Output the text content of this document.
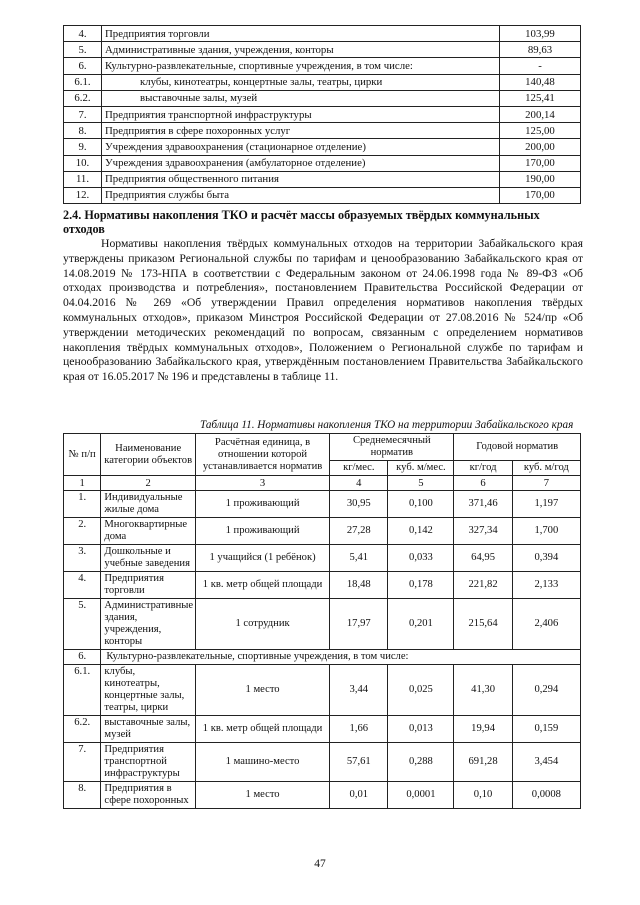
4.	Предприятия торговли	103,99
5.	Административные здания, учреждения, конторы	89,63
6.	Культурно-развлекательные, спортивные учреждения, в том числе:	-
6.1.	клубы, кинотеатры, концертные залы, театры, цирки	140,48
6.2.	выставочные залы, музей	125,41
7.	Предприятия транспортной инфраструктуры	200,14
8.	Предприятия в сфере похоронных услуг	125,00
9.	Учреждения здравоохранения (стационарное отделение)	200,00
10.	Учреждения здравоохранения (амбулаторное отделение)	170,00
11.	Предприятия общественного питания	190,00
12.	Предприятия службы быта	170,00
2.4. Нормативы накопления ТКО и расчёт массы образуемых твёрдых коммунальных отходов

Нормативы накопления твёрдых коммунальных отходов на территории Забайкальского края утверждены приказом Региональной службы по тарифам и ценообразованию Забайкальского края от 14.08.2019 № 173-НПА в соответствии с Федеральным законом от 24.06.1998 года № 89-ФЗ «Об отходах производства и потребления», постановлением Правительства Российской Федерации от 04.04.2016 № 269 «Об утверждении Правил определения нормативов накопления твёрдых коммунальных отходов», приказом Минстроя Российской Федерации от 27.08.2016 № 524/пр «Об утверждении методических рекомендаций по вопросам, связанным с определением нормативов накопления твёрдых коммунальных отходов», Положением о Региональной службе по тарифам и ценообразованию Забайкальского края, утверждённым постановлением Правительства Забайкальского края от 16.05.2017 № 196 и представлены в таблице 11.

Таблица 11. Нормативы накопления ТКО на территории Забайкальского края
№ п/п	Наименование категории объектов	Расчётная единица, в отношении которой устанавливается норматив	Среднемесячный норматив		Годовой норматив	
			кг/мес.	куб. м/мес.	кг/год	куб. м/год
1	2	3	4	5	6	7
1.	Индивидуальные жилые дома	1 проживающий	30,95	0,100	371,46	1,197
2.	Многоквартирные дома	1 проживающий	27,28	0,142	327,34	1,700
3.	Дошкольные и учебные заведения	1 учащийся (1 ребёнок)	5,41	0,033	64,95	0,394
4.	Предприятия торговли	1 кв. метр общей площади	18,48	0,178	221,82	2,133
5.	Административные здания, учреждения, конторы	1 сотрудник	17,97	0,201	215,64	2,406
6.	Культурно-развлекательные, спортивные учреждения, в том числе:					
6.1.	клубы, кинотеатры, концертные залы, театры, цирки	1 место	3,44	0,025	41,30	0,294
6.2.	выставочные залы, музей	1 кв. метр общей площади	1,66	0,013	19,94	0,159
7.	Предприятия транспортной инфраструктуры	1 машино-место	57,61	0,288	691,28	3,454
8.	Предприятия в сфере похоронных	1 место	0,01	0,0001	0,10	0,0008
47
